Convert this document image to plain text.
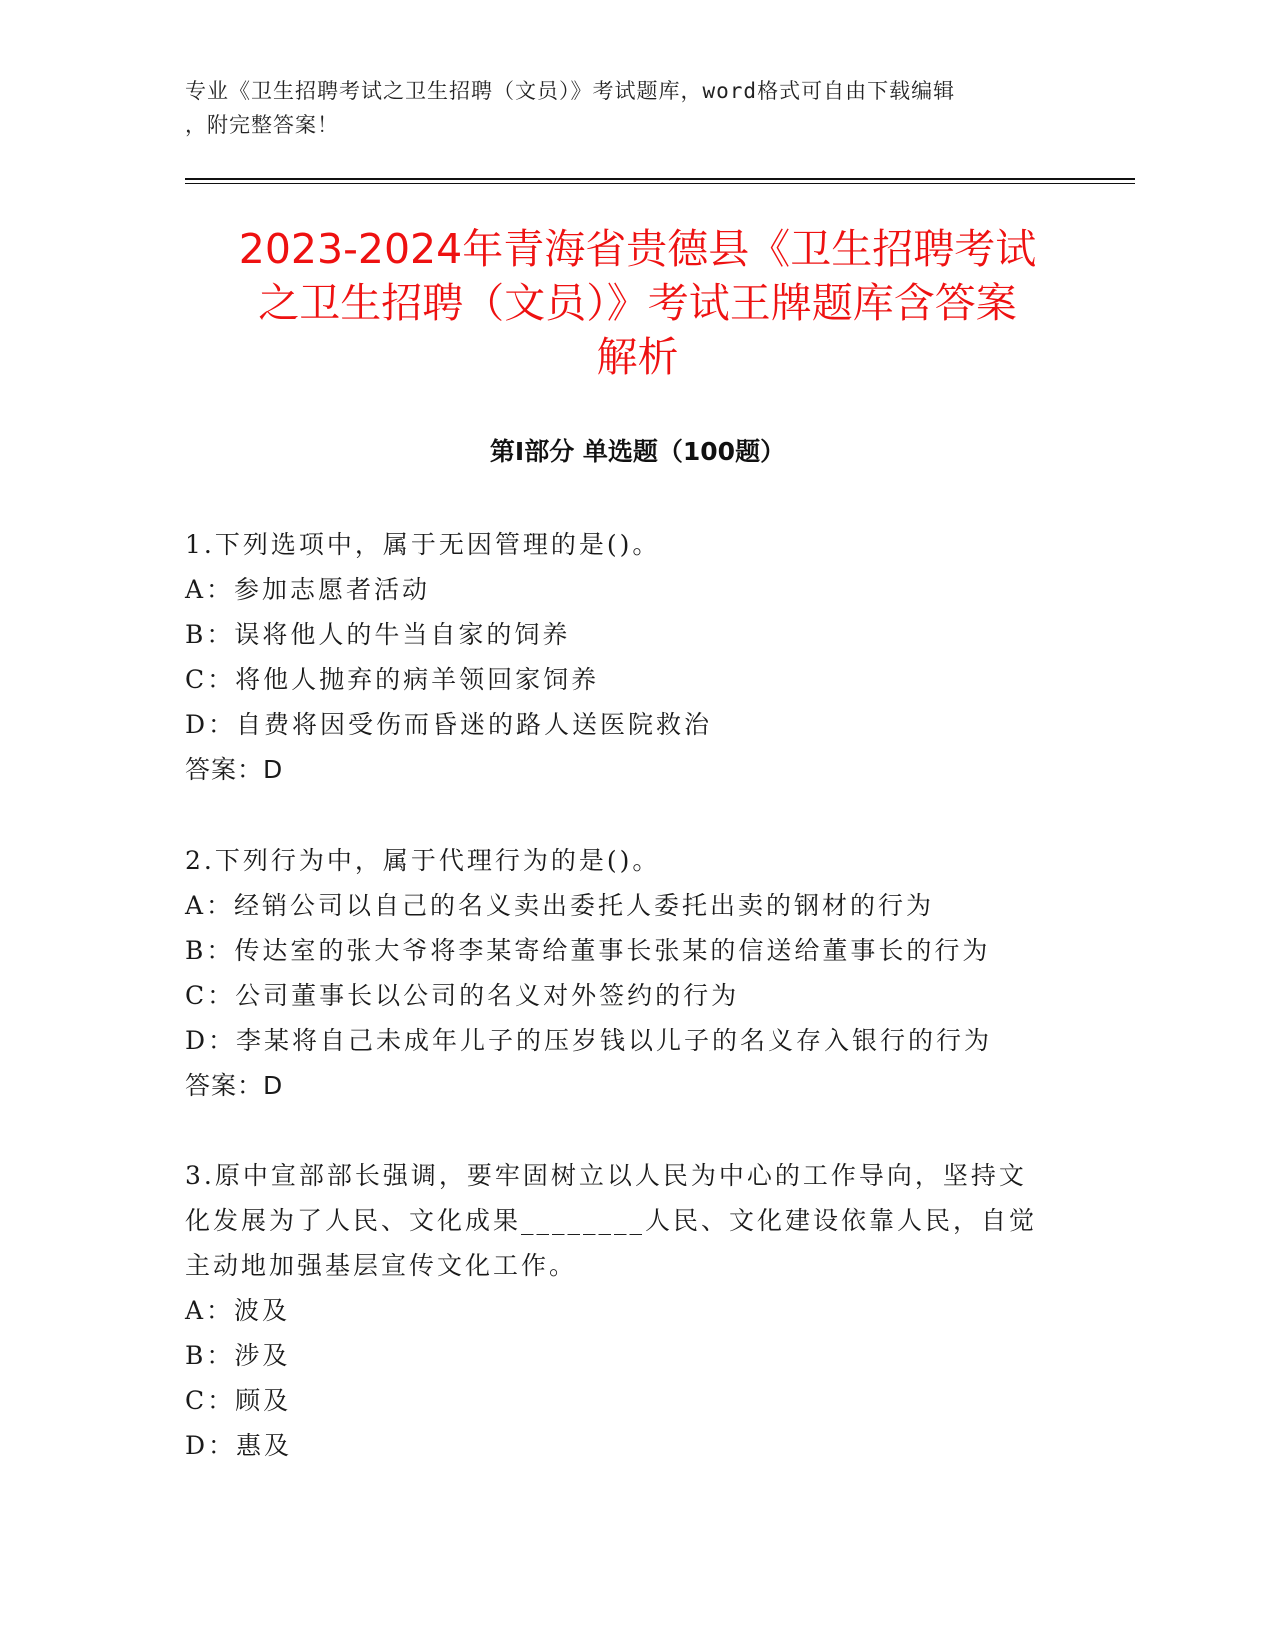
专业《卫生招聘考试之卫生招聘（文员）》考试题库，word格式可自由下载编辑
，附完整答案！
2023-2024年青海省贵德县《卫生招聘考试
之卫生招聘（文员）》考试王牌题库含答案
解析
第Ⅰ部分 单选题（100题）
1.下列选项中，属于无因管理的是()。
A：参加志愿者活动
B：误将他人的牛当自家的饲养
C：将他人抛弃的病羊领回家饲养
D：自费将因受伤而昏迷的路人送医院救治
答案：D
2.下列行为中，属于代理行为的是()。
A：经销公司以自己的名义卖出委托人委托出卖的钢材的行为
B：传达室的张大爷将李某寄给董事长张某的信送给董事长的行为
C：公司董事长以公司的名义对外签约的行为
D：李某将自己未成年儿子的压岁钱以儿子的名义存入银行的行为
答案：D
3.原中宣部部长强调，要牢固树立以人民为中心的工作导向，坚持文
化发展为了人民、文化成果________人民、文化建设依靠人民，自觉
主动地加强基层宣传文化工作。
A：波及
B：涉及
C：顾及
D：惠及
